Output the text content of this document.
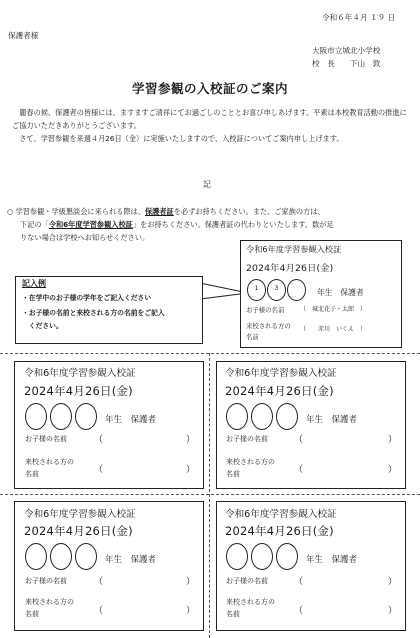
令和６年４月 １９ 日
保護者様
大阪市立城北小学校
校　長　　下山　敦
学習参観の入校証のご案内
　麗春の候、保護者の皆様には、ますますご清祥にてお過ごしのこととお喜び申しあげます。平素は本校教育活動の推進にご協力いただきありがとうございます。
　さて、学習参観を来週４月26日（金）に実施いたしますので、入校証についてご案内申し上げます。
記
○ 学習参観・学級懇談会に来られる際は、保護者証を必ずお持ちください。また、ご家族の方は、
下記の「令和6年度学習参観入校証」をお持ちください。保護者証の代わりといたします。数が足
りない場合は学校へお知らせください。
記入例
・在学中のお子様の学年をご記入ください
・お子様の名前と来校される方の名前をご記入
　ください。
令和6年度学習参観入校証
2024年4月26日(金)
1	3	年生　保護者
お子様の名前	（　城北花子・太郎　）
来校される方の
名前
（　　赤川　いくえ　）
令和6年度学習参観入校証
2024年4月26日(金)
年生　保護者
お子様の名前	（	）
来校される方の
名前	（	）
令和6年度学習参観入校証
2024年4月26日(金)
年生　保護者
お子様の名前	（	）
来校される方の
名前	（	）
令和6年度学習参観入校証
2024年4月26日(金)
年生　保護者
お子様の名前	（	）
来校される方の
名前	（	）
令和6年度学習参観入校証
2024年4月26日(金)
年生　保護者
お子様の名前	（	）
来校される方の
名前	（	）
